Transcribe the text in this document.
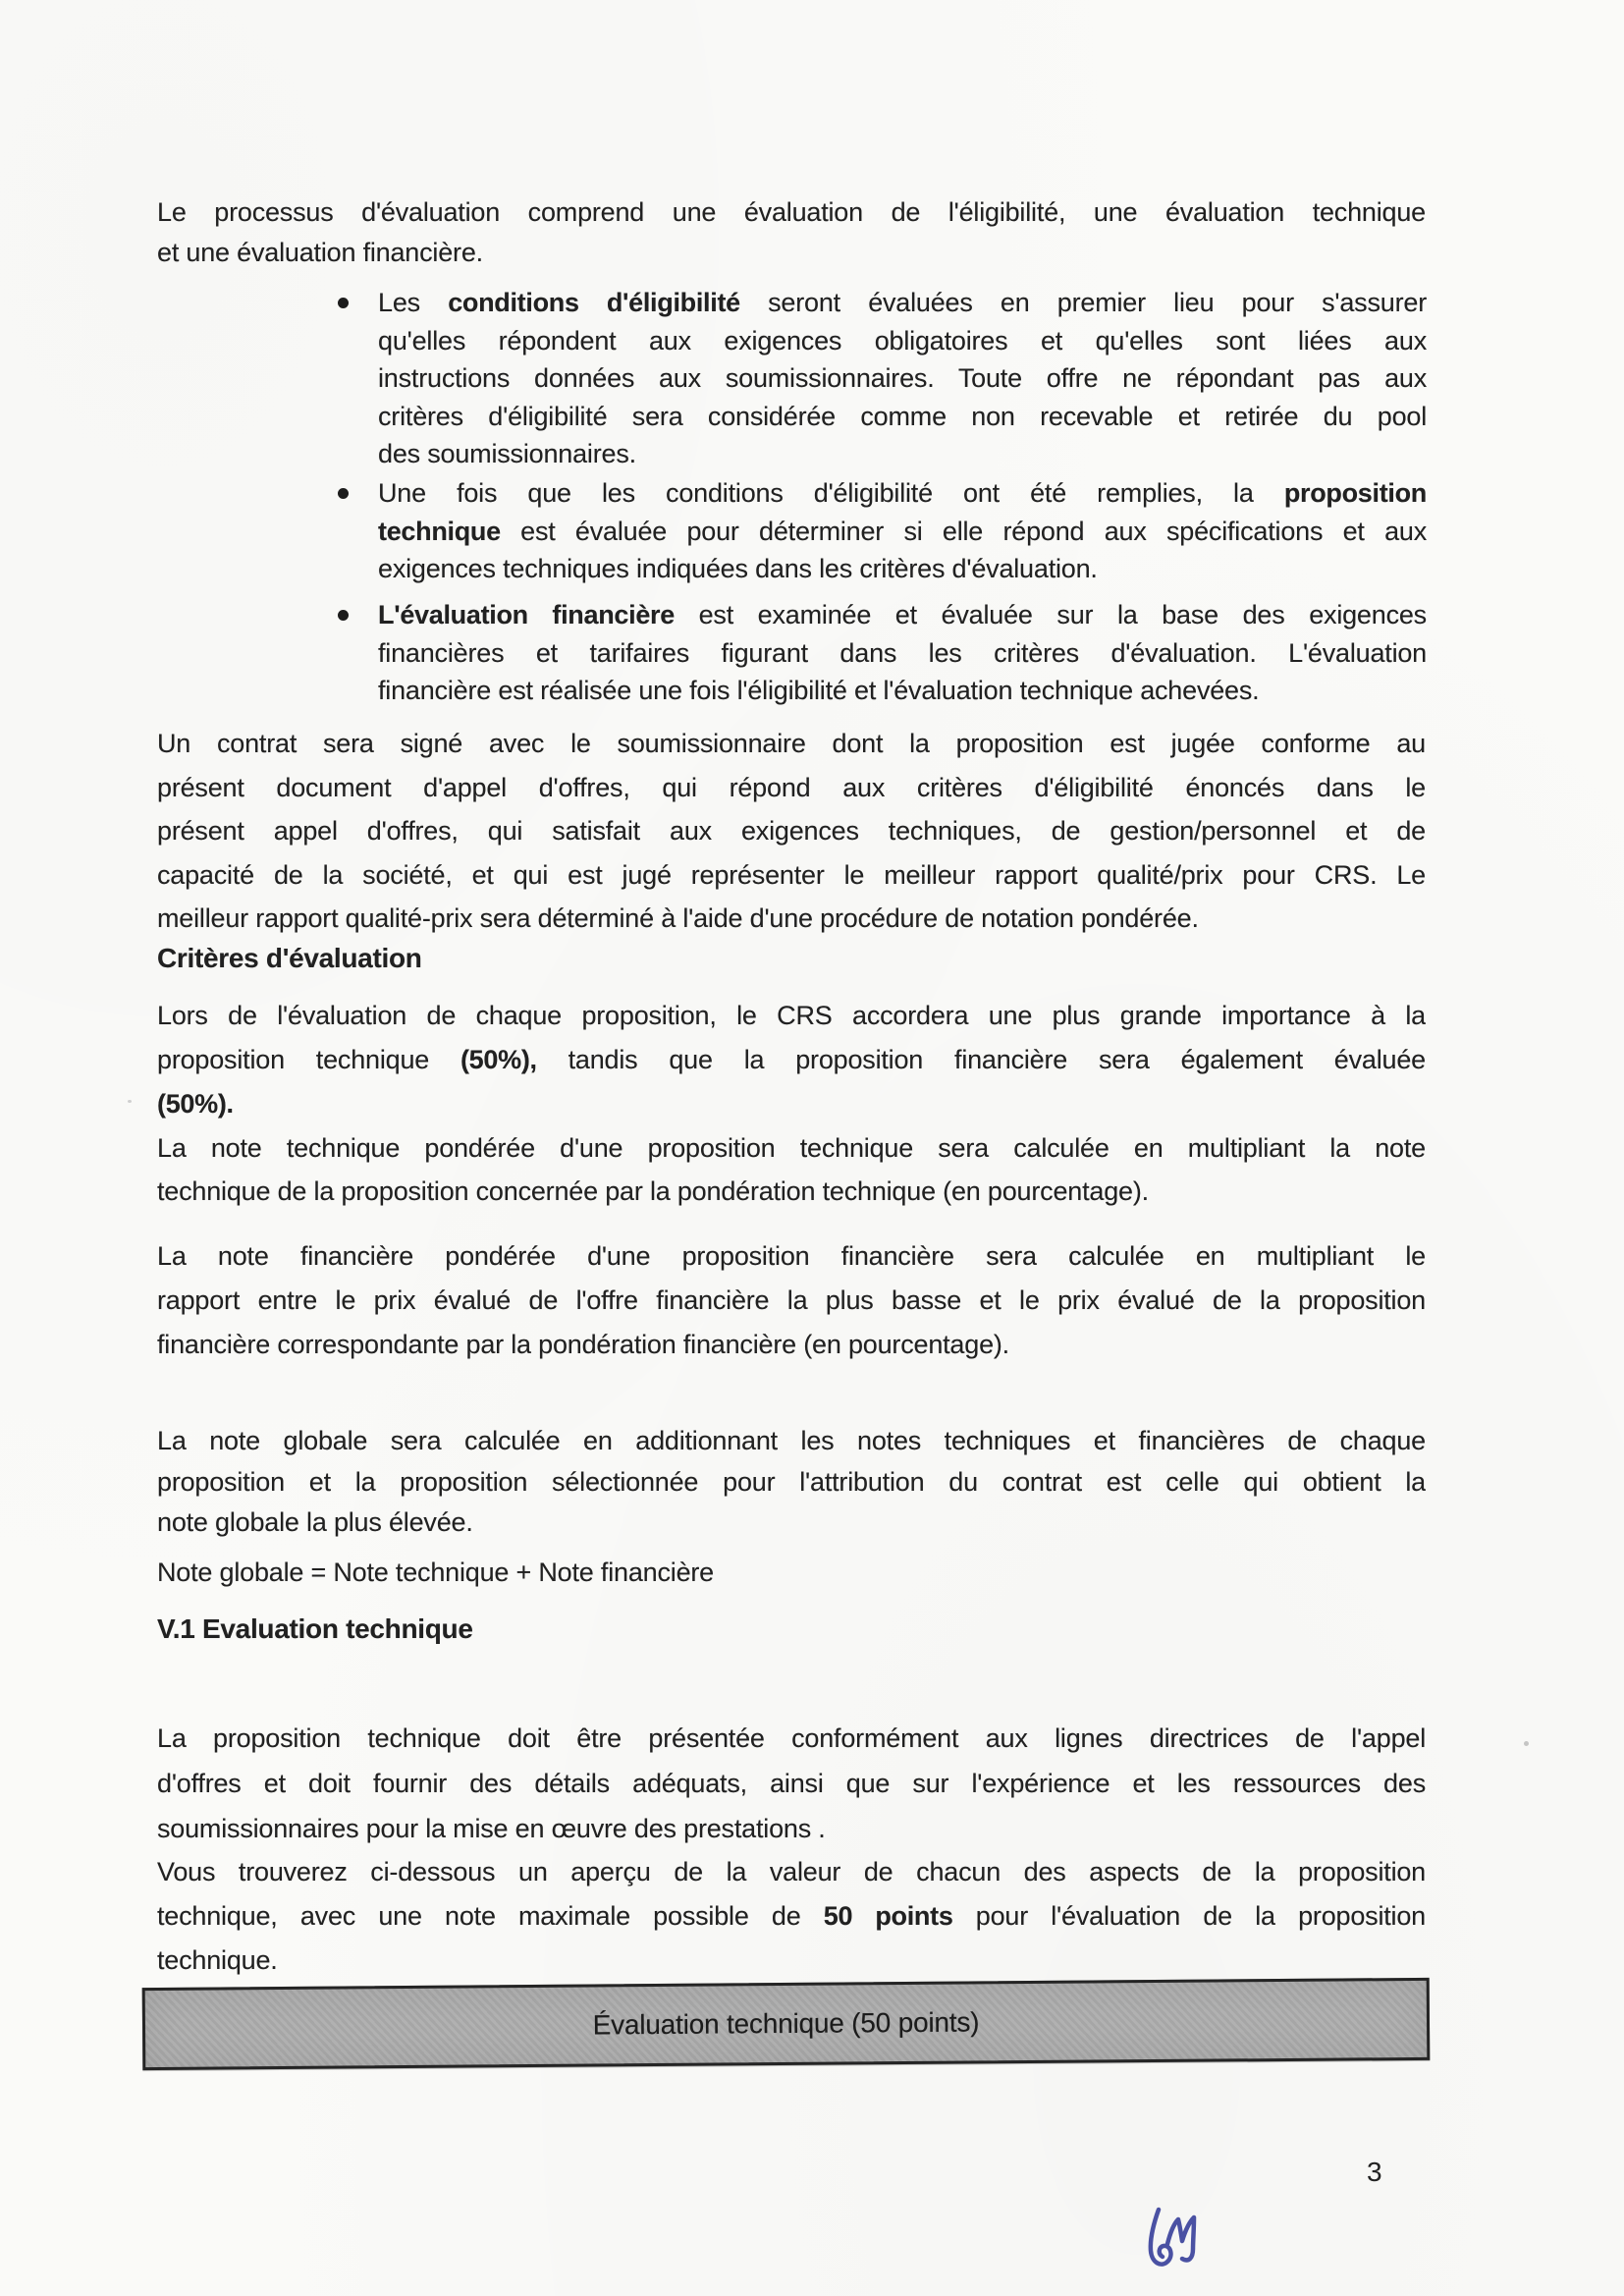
Le processus d'évaluation comprend une évaluation de l'éligibilité, une évaluation technique
et une évaluation financière.
Les conditions d'éligibilité seront évaluées en premier lieu pour s'assurer
qu'elles répondent aux exigences obligatoires et qu'elles sont liées aux
instructions données aux soumissionnaires. Toute offre ne répondant pas aux
critères d'éligibilité sera considérée comme non recevable et retirée du pool
des soumissionnaires.
Une fois que les conditions d'éligibilité ont été remplies, la proposition
technique est évaluée pour déterminer si elle répond aux spécifications et aux
exigences techniques indiquées dans les critères d'évaluation.
L'évaluation financière est examinée et évaluée sur la base des exigences
financières et tarifaires figurant dans les critères d'évaluation. L'évaluation
financière est réalisée une fois l'éligibilité et l'évaluation technique achevées.
Un contrat sera signé avec le soumissionnaire dont la proposition est jugée conforme au
présent document d'appel d'offres, qui répond aux critères d'éligibilité énoncés dans le
présent appel d'offres, qui satisfait aux exigences techniques, de gestion/personnel et de
capacité de la société, et qui est jugé représenter le meilleur rapport qualité/prix pour CRS. Le
meilleur rapport qualité-prix sera déterminé à l'aide d'une procédure de notation pondérée.
Critères d'évaluation
Lors de l'évaluation de chaque proposition, le CRS accordera une plus grande importance à la
proposition technique (50%), tandis que la proposition financière sera également évaluée
(50%).
La note technique pondérée d'une proposition technique sera calculée en multipliant la note
technique de la proposition concernée par la pondération technique (en pourcentage).
La note financière pondérée d'une proposition financière sera calculée en multipliant le
rapport entre le prix évalué de l'offre financière la plus basse et le prix évalué de la proposition
financière correspondante par la pondération financière (en pourcentage).
La note globale sera calculée en additionnant les notes techniques et financières de chaque
proposition et la proposition sélectionnée pour l'attribution du contrat est celle qui obtient la
note globale la plus élevée.
Note globale = Note technique + Note financière
V.1 Evaluation technique
La proposition technique doit être présentée conformément aux lignes directrices de l'appel
d'offres et doit fournir des détails adéquats, ainsi que sur l'expérience et les ressources des
soumissionnaires pour la mise en œuvre des prestations .
Vous trouverez ci-dessous un aperçu de la valeur de chacun des aspects de la proposition
technique, avec une note maximale possible de 50 points pour l'évaluation de la proposition
technique.
Évaluation technique (50 points)
3
